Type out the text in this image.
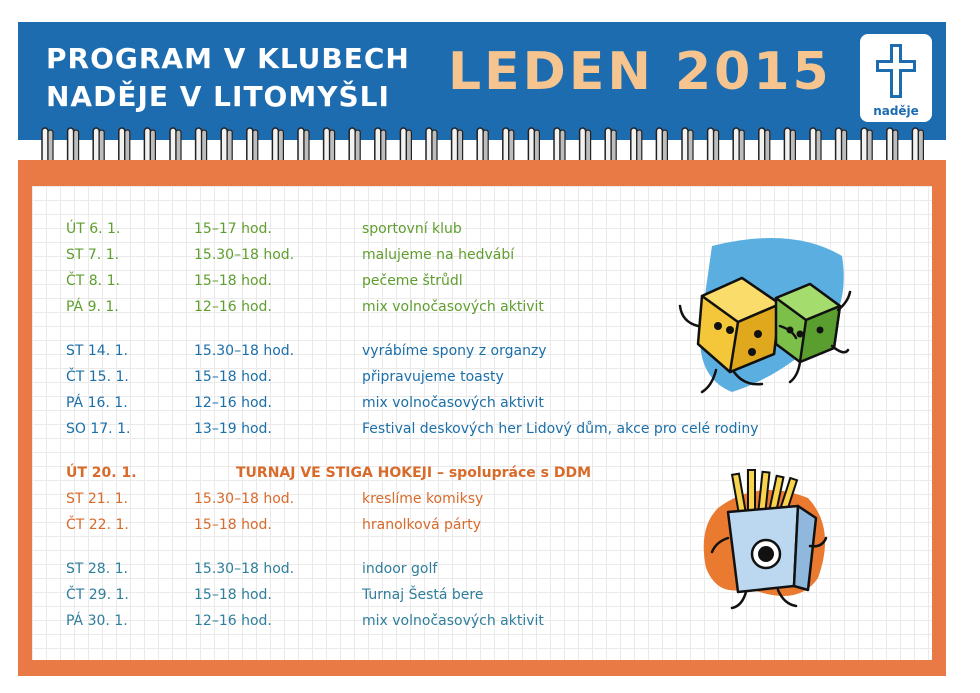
PROGRAM V KLUBECH
NADĚJE V LITOMYŠLI	LEDEN 2015
naděje
ÚT 6. 1.	15–17 hod.	sportovní klub
ST 7. 1.	15.30–18 hod.	malujeme na hedvábí
ČT 8. 1.	15–18 hod.	pečeme štrůdl
PÁ 9. 1.	12–16 hod.	mix volnočasových aktivit
ST 14. 1.	15.30–18 hod.	vyrábíme spony z organzy
ČT 15. 1.	15–18 hod.	připravujeme toasty
PÁ 16. 1.	12–16 hod.	mix volnočasových aktivit
SO 17. 1.	13–19 hod.	Festival deskových her Lidový dům, akce pro celé rodiny
ÚT 20. 1.	TURNAJ VE STIGA HOKEJI – spolupráce s DDM
ST 21. 1.	15.30–18 hod.	kreslíme komiksy
ČT 22. 1.	15–18 hod.	hranolková párty
ST 28. 1.	15.30–18 hod.	indoor golf
ČT 29. 1.	15–18 hod.	Turnaj Šestá bere
PÁ 30. 1.	12–16 hod.	mix volnočasových aktivit
